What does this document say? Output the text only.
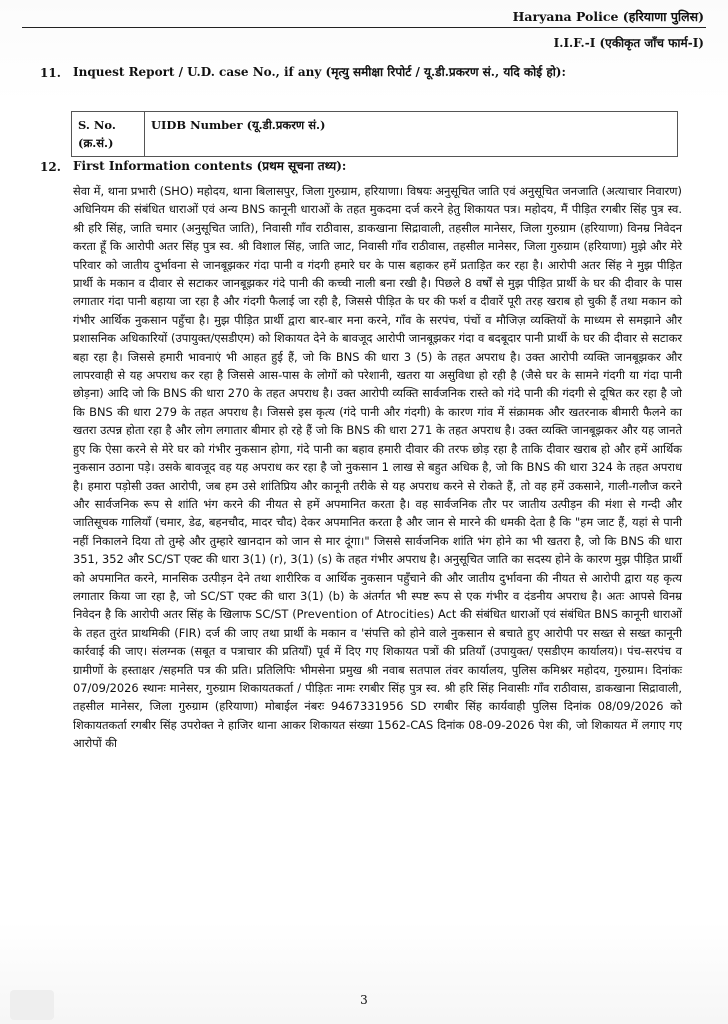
Haryana Police (हरियाणा पुलिस)
I.I.F.-I (एकीकृत जाँच फार्म-I)
11. Inquest Report / U.D. case No., if any (मृत्यु समीक्षा रिपोर्ट / यू.डी.प्रकरण सं., यदि कोई हो):
S. No. (क्र.सं.)	UIDB Number (यू.डी.प्रकरण सं.)
12. First Information contents (प्रथम सूचना तथ्य):

सेवा में, थाना प्रभारी (SHO) महोदय, थाना बिलासपुर, जिला गुरुग्राम, हरियाणा। विषयः अनुसूचित जाति एवं अनुसूचित जनजाति (अत्याचार निवारण) अधिनियम की संबंधित धाराओं एवं अन्य BNS कानूनी धाराओं के तहत मुकदमा दर्ज करने हेतु शिकायत पत्र। महोदय, मैं पीड़ित रगबीर सिंह पुत्र स्व. श्री हरि सिंह, जाति चमार (अनुसूचित जाति), निवासी गाँव राठीवास, डाकखाना सिद्रावाली, तहसील मानेसर, जिला गुरुग्राम (हरियाणा) विनम्र निवेदन करता हूँ कि आरोपी अतर सिंह पुत्र स्व. श्री विशाल सिंह, जाति जाट, निवासी गाँव राठीवास, तहसील मानेसर, जिला गुरुग्राम (हरियाणा) मुझे और मेरे परिवार को जातीय दुर्भावना से जानबूझकर गंदा पानी व गंदगी हमारे घर के पास बहाकर हमें प्रताड़ित कर रहा है। आरोपी अतर सिंह ने मुझ पीड़ित प्रार्थी के मकान व दीवार से सटाकर जानबूझकर गंदे पानी की कच्ची नाली बना रखी है। पिछले 8 वर्षों से मुझ पीड़ित प्रार्थी के घर की दीवार के पास लगातार गंदा पानी बहाया जा रहा है और गंदगी फैलाई जा रही है, जिससे पीड़ित के घर की फर्श व दीवारें पूरी तरह खराब हो चुकी हैं तथा मकान को गंभीर आर्थिक नुकसान पहुँचा है। मुझ पीड़ित प्रार्थी द्वारा बार-बार मना करने, गाँव के सरपंच, पंचों व मौजिज़ व्यक्तियों के माध्यम से समझाने और प्रशासनिक अधिकारियों (उपायुक्त/एसडीएम) को शिकायत देने के बावजूद आरोपी जानबूझकर गंदा व बदबूदार पानी प्रार्थी के घर की दीवार से सटाकर बहा रहा है। जिससे हमारी भावनाएं भी आहत हुई हैं, जो कि BNS की धारा 3 (5) के तहत अपराध है। उक्त आरोपी व्यक्ति जानबूझकर और लापरवाही से यह अपराध कर रहा है जिससे आस-पास के लोगों को परेशानी, खतरा या असुविधा हो रही है (जैसे घर के सामने गंदगी या गंदा पानी छोड़ना) आदि जो कि BNS की धारा 270 के तहत अपराध है। उक्त आरोपी व्यक्ति सार्वजनिक रास्ते को गंदे पानी की गंदगी से दूषित कर रहा है जो कि BNS की धारा 279 के तहत अपराध है। जिससे इस कृत्य (गंदे पानी और गंदगी) के कारण गांव में संक्रामक और खतरनाक बीमारी फैलने का खतरा उत्पन्न होता रहा है और लोग लगातार बीमार हो रहे हैं जो कि BNS की धारा 271 के तहत अपराध है। उक्त व्यक्ति जानबूझकर और यह जानते हुए कि ऐसा करने से मेरे घर को गंभीर नुकसान होगा, गंदे पानी का बहाव हमारी दीवार की तरफ छोड़ रहा है ताकि दीवार खराब हो और हमें आर्थिक नुकसान उठाना पड़े। उसके बावजूद वह यह अपराध कर रहा है जो नुकसान 1 लाख से बहुत अधिक है, जो कि BNS की धारा 324 के तहत अपराध है। हमारा पड़ोसी उक्त आरोपी, जब हम उसे शांतिप्रिय और कानूनी तरीके से यह अपराध करने से रोकते हैं, तो वह हमें उकसाने, गाली-गलौज करने और सार्वजनिक रूप से शांति भंग करने की नीयत से हमें अपमानित करता है। वह सार्वजनिक तौर पर जातीय उत्पीड़न की मंशा से गन्दी और जातिसूचक गालियाँ (चमार, डेढ, बहनचौद, मादर चौद) देकर अपमानित करता है और जान से मारने की धमकी देता है कि "हम जाट हैं, यहां से पानी नहीं निकालने दिया तो तुम्हे और तुम्हारे खानदान को जान से मार दूंगा।" जिससे सार्वजनिक शांति भंग होने का भी खतरा है, जो कि BNS की धारा 351, 352 और SC/ST एक्ट की धारा 3(1) (r), 3(1) (s) के तहत गंभीर अपराध है। अनुसूचित जाति का सदस्य होने के कारण मुझ पीड़ित प्रार्थी को अपमानित करने, मानसिक उत्पीड़न देने तथा शारीरिक व आर्थिक नुकसान पहुँचाने की और जातीय दुर्भावना की नीयत से आरोपी द्वारा यह कृत्य लगातार किया जा रहा है, जो SC/ST एक्ट की धारा 3(1) (b) के अंतर्गत भी स्पष्ट रूप से एक गंभीर व दंडनीय अपराध है। अतः आपसे विनम्र निवेदन है कि आरोपी अतर सिंह के खिलाफ SC/ST (Prevention of Atrocities) Act की संबंधित धाराओं एवं संबंधित BNS कानूनी धाराओं के तहत तुरंत प्राथमिकी (FIR) दर्ज की जाए तथा प्रार्थी के मकान व 'संपत्ति को होने वाले नुकसान से बचाते हुए आरोपी पर सख्त से सख्त कानूनी कार्रवाई की जाए। संलग्नक (सबूत व पत्राचार की प्रतियाँ) पूर्व में दिए गए शिकायत पत्रों की प्रतियाँ (उपायुक्त/ एसडीएम कार्यालय)। पंच-सरपंच व ग्रामीणों के हस्ताक्षर /सहमति पत्र की प्रति। प्रतिलिपिः भीमसेना प्रमुख श्री नवाब सतपाल तंवर कार्यालय, पुलिस कमिश्नर महोदय, गुरुग्राम। दिनांकः 07/09/2026 स्थानः मानेसर, गुरुग्राम शिकायतकर्ता / पीड़ितः नामः रगबीर सिंह पुत्र स्व. श्री हरि सिंह निवासीः गाँव राठीवास, डाकखाना सिद्रावाली, तहसील मानेसर, जिला गुरुग्राम (हरियाणा) मोबाईल नंबरः 9467331956 SD रगबीर सिंह कार्यवाही पुलिस दिनांक 08/09/2026 को शिकायतकर्ता रगबीर सिंह उपरोक्त ने हाजिर थाना आकर शिकायत संख्या 1562-CAS दिनांक 08-09-2026 पेश की, जो शिकायत में लगाए गए आरोपों की

3
